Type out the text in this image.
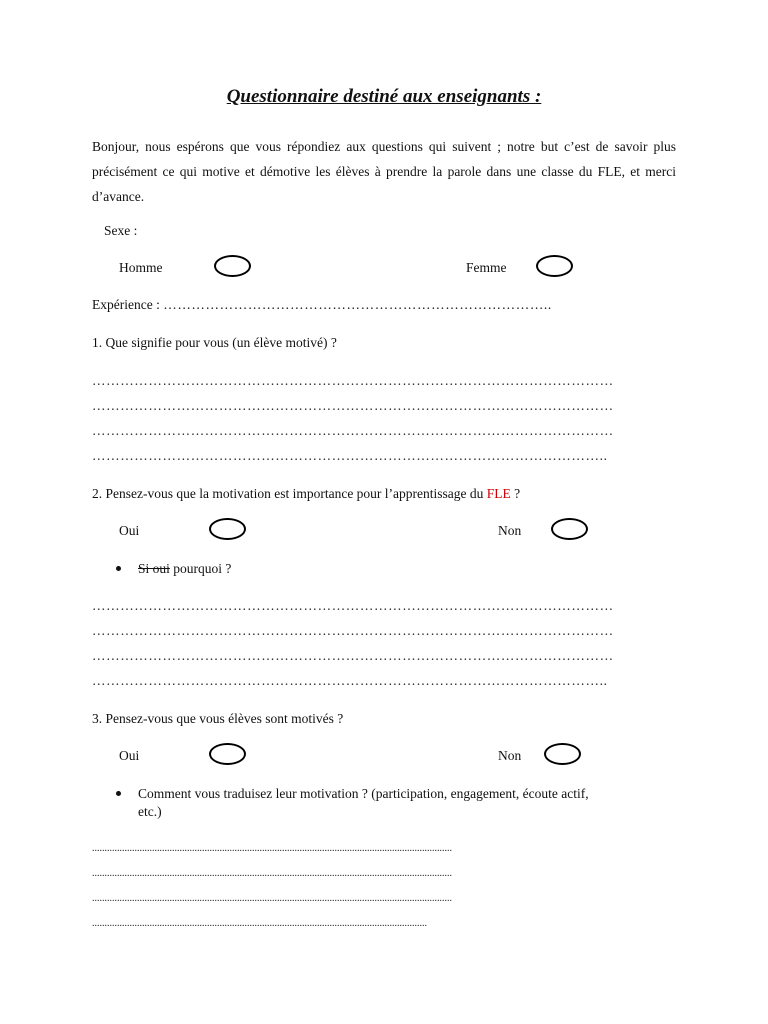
Questionnaire destiné aux enseignants :
Bonjour, nous espérons que vous répondiez aux questions qui suivent ; notre but c’est de savoir plus précisément ce qui motive et démotive les élèves à prendre la parole dans une classe du FLE, et merci d’avance.
Sexe :
Homme	Femme
Expérience : ………………………………………………………………………..
1. Que signifie pour vous (un élève motivé) ?
…………………………………………………………………………………………………
…………………………………………………………………………………………………
…………………………………………………………………………………………………
………………………………………………………………………………………………..
2. Pensez-vous que la motivation est importance pour l’apprentissage du FLE ?
Oui	Non
Si oui pourquoi ?
…………………………………………………………………………………………………
…………………………………………………………………………………………………
…………………………………………………………………………………………………
………………………………………………………………………………………………..
3. Pensez-vous que vous élèves sont motivés ?
Oui	Non
Comment vous traduisez leur motivation ? (participation, engagement, écoute actif,
etc.)
................................................................................................................................................
................................................................................................................................................
................................................................................................................................................
......................................................................................................................................
